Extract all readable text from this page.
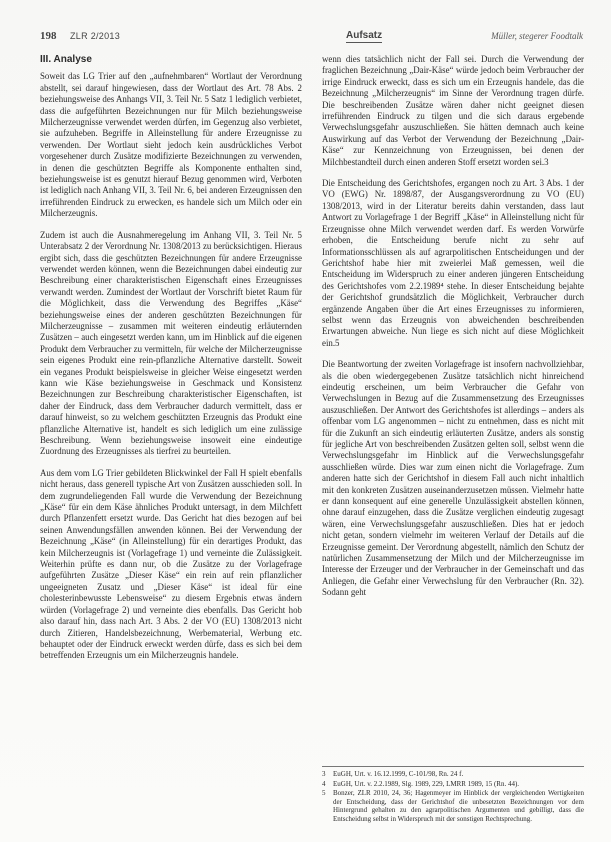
198 ZLR 2/2013	Aufsatz	Müller, stegerer Foodtalk
III. Analyse

Soweit das LG Trier auf den „aufnehmbaren“ Wortlaut der Verordnung abstellt, sei darauf hingewiesen, dass der Wortlaut des Art. 78 Abs. 2 beziehungsweise des Anhangs VII, 3. Teil Nr. 5 Satz 1 lediglich verbietet, dass die aufgeführten Bezeichnungen nur für Milch beziehungsweise Milcherzeugnisse verwendet werden dürfen, im Gegenzug also verbietet, sie aufzuheben. Begriffe in Alleinstellung für andere Erzeugnisse zu verwenden. Der Wortlaut sieht jedoch kein ausdrückliches Verbot vorgesehener durch Zusätze modifizierte Bezeichnungen zu verwenden, in denen die geschützten Begriffe als Komponente enthalten sind, beziehungsweise ist es genutzt hierauf Bezug genommen wird, Verboten ist lediglich nach Anhang VII, 3. Teil Nr. 6, bei anderen Erzeugnissen den irreführenden Eindruck zu erwecken, es handele sich um Milch oder ein Milcherzeugnis.

Zudem ist auch die Ausnahmeregelung im Anhang VII, 3. Teil Nr. 5 Unterabsatz 2 der Verordnung Nr. 1308/2013 zu berücksichtigen. Hieraus ergibt sich, dass die geschützten Bezeichnungen für andere Erzeugnisse verwendet werden können, wenn die Bezeichnungen dabei eindeutig zur Beschreibung einer charakteristischen Eigenschaft eines Erzeugnisses verwandt werden. Zumindest der Wortlaut der Vorschrift bietet Raum für die Möglichkeit, dass die Verwendung des Begriffes „Käse“ beziehungsweise eines der anderen geschützten Bezeichnungen für Milcherzeugnisse – zusammen mit weiteren eindeutig erläuternden Zusätzen – auch eingesetzt werden kann, um im Hinblick auf die eigenen Produkt dem Verbraucher zu vermitteln, für welche der Milcherzeugnisse sein eigenes Produkt eine rein-pflanzliche Alternative darstellt. Soweit ein veganes Produkt beispielsweise in gleicher Weise eingesetzt werden kann wie Käse beziehungsweise in Geschmack und Konsistenz Bezeichnungen zur Beschreibung charakteristischer Eigenschaften, ist daher der Eindruck, dass dem Verbraucher dadurch vermittelt, dass er darauf hinweist, so zu welchem geschützten Erzeugnis das Produkt eine pflanzliche Alternative ist, handelt es sich lediglich um eine zulässige Beschreibung. Wenn beziehungsweise insoweit eine eindeutige Zuordnung des Erzeugnisses als tierfrei zu beurteilen.

Aus dem vom LG Trier gebildeten Blickwinkel der Fall H spielt ebenfalls nicht heraus, dass generell typische Art von Zusätzen ausschieden soll. In dem zugrundeliegenden Fall wurde die Verwendung der Bezeichnung „Käse“ für ein dem Käse ähnliches Produkt untersagt, in dem Milchfett durch Pflanzenfett ersetzt wurde. Das Gericht hat dies bezogen auf bei seinen Anwendungsfällen anwenden können. Bei der Verwendung der Bezeichnung „Käse“ (in Alleinstellung) für ein derartiges Produkt, das kein Milcherzeugnis ist (Vorlagefrage 1) und verneinte die Zulässigkeit. Weiterhin prüfte es dann nur, ob die Zusätze zu der Vorlagefrage aufgeführten Zusätze „Dieser Käse“ ein rein auf rein pflanzlicher ungeeigneten Zusatz und „Dieser Käse“ ist ideal für eine cholesterinbewusste Lebensweise“ zu diesem Ergebnis etwas ändern würden (Vorlagefrage 2) und verneinte dies ebenfalls. Das Gericht hob also darauf hin, dass nach Art. 3 Abs. 2 der VO (EU) 1308/2013 nicht durch Zitieren, Handelsbezeichnung, Werbematerial, Werbung etc. behauptet oder der Eindruck erweckt werden dürfe, dass es sich bei dem betreffenden Erzeugnis um ein Milcherzeugnis handele.

wenn dies tatsächlich nicht der Fall sei. Durch die Verwendung der fraglichen Bezeichnung „Dair-Käse“ würde jedoch beim Verbraucher der irrige Eindruck erweckt, dass es sich um ein Erzeugnis handele, das die Bezeichnung „Milcherzeugnis“ im Sinne der Verordnung tragen dürfe. Die beschreibenden Zusätze wären daher nicht geeignet diesen irreführenden Eindruck zu tilgen und die sich daraus ergebende Verwechslungsgefahr auszuschließen. Sie hätten demnach auch keine Auswirkung auf das Verbot der Verwendung der Bezeichnung „Dair-Käse“ zur Kennzeichnung von Erzeugnissen, bei denen der Milchbestandteil durch einen anderen Stoff ersetzt worden sei.3

Die Entscheidung des Gerichtshofes, ergangen noch zu Art. 3 Abs. 1 der VO (EWG) Nr. 1898/87, der Ausgangsverordnung zu VO (EU) 1308/2013, wird in der Literatur bereits dahin verstanden, dass laut Antwort zu Vorlagefrage 1 der Begriff „Käse“ in Alleinstellung nicht für Erzeugnisse ohne Milch verwendet werden darf. Es werden Vorwürfe erhoben, die Entscheidung berufe nicht zu sehr auf Informationsschlüssen als auf agrarpolitischen Entscheidungen und der Gerichtshof habe hier mit zweierlei Maß gemessen, weil die Entscheidung im Widerspruch zu einer anderen jüngeren Entscheidung des Gerichtshofes vom 2.2.1989⁴ stehe. In dieser Entscheidung bejahte der Gerichtshof grundsätzlich die Möglichkeit, Verbraucher durch ergänzende Angaben über die Art eines Erzeugnisses zu informieren, selbst wenn das Erzeugnis von abweichenden beschreibenden Erwartungen abweiche. Nun liege es sich nicht auf diese Möglichkeit ein.5

Die Beantwortung der zweiten Vorlagefrage ist insofern nachvollziehbar, als die oben wiedergegebenen Zusätze tatsächlich nicht hinreichend eindeutig erscheinen, um beim Verbraucher die Gefahr von Verwechslungen in Bezug auf die Zusammensetzung des Erzeugnisses auszuschließen. Der Antwort des Gerichtshofes ist allerdings – anders als offenbar vom LG angenommen – nicht zu entnehmen, dass es nicht mit für die Zukunft an sich eindeutig erläuterten Zusätze, anders als sonstig für jegliche Art von beschreibenden Zusätzen gelten soll, selbst wenn die Verwechslungsgefahr im Hinblick auf die Verwechslungsgefahr ausschließen würde. Dies war zum einen nicht die Vorlagefrage. Zum anderen hatte sich der Gerichtshof in diesem Fall auch nicht inhaltlich mit den konkreten Zusätzen auseinanderzusetzen müssen. Vielmehr hatte er dann konsequent auf eine generelle Unzulässigkeit abstellen können, ohne darauf einzugehen, dass die Zusätze verglichen eindeutig zugesagt wären, eine Verwechslungsgefahr auszuschließen. Dies hat er jedoch nicht getan, sondern vielmehr im weiteren Verlauf der Details auf die Erzeugnisse gemeint. Der Verordnung abgestellt, nämlich den Schutz der natürlichen Zusammensetzung der Milch und der Milcherzeugnisse im Interesse der Erzeuger und der Verbraucher in der Gemeinschaft und das Anliegen, die Gefahr einer Verwechslung für den Verbraucher (Rn. 32). Sodann geht

3	EuGH, Urt. v. 16.12.1999, C-101/98, Rn. 24 f.
4	EuGH, Urt. v. 2.2.1989, Slg. 1989, 229, LMRR 1989, 15 (Rn. 44).
5	Bonzer, ZLR 2010, 24, 36; Hagenmeyer im Hinblick der vergleichenden Wertigkeiten der Entscheidung, dass der Gerichtshof die unbesetzten Bezeichnungen vor dem Hintergrund gehalten zu den agrarpolitischen Argumenten und gebilligt, dass die Entscheidung selbst in Widerspruch mit der sonstigen Rechtsprechung.
